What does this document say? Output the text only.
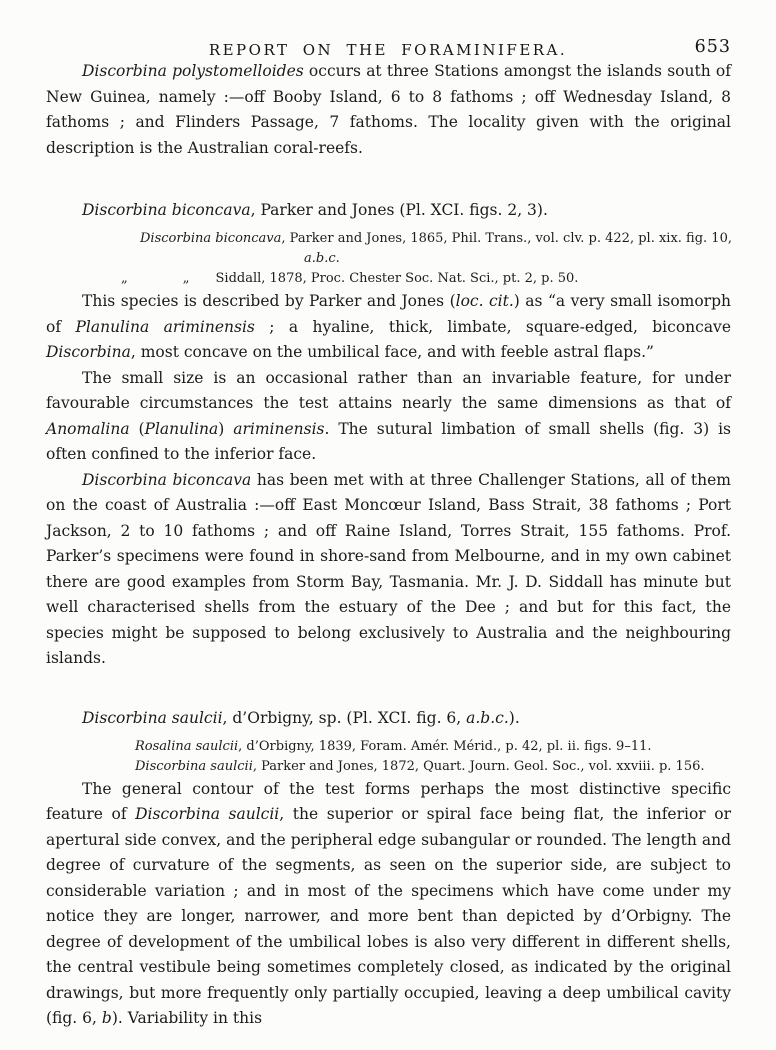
REPORT ON THE FORAMINIFERA.	653

Discorbina polystomelloides occurs at three Stations amongst the islands south of New Guinea, namely :—off Booby Island, 6 to 8 fathoms ; off Wednesday Island, 8 fathoms ; and Flinders Passage, 7 fathoms. The locality given with the original description is the Australian coral-reefs.

Discorbina biconcava, Parker and Jones (Pl. XCI. figs. 2, 3).
Discorbina biconcava, Parker and Jones, 1865, Phil. Trans., vol. clv. p. 422, pl. xix. fig. 10,
a.b.c.
„	„ Siddall, 1878, Proc. Chester Soc. Nat. Sci., pt. 2, p. 50.

This species is described by Parker and Jones (loc. cit.) as “a very small isomorph of Planulina ariminensis ; a hyaline, thick, limbate, square-edged, biconcave Discorbina, most concave on the umbilical face, and with feeble astral flaps.”

The small size is an occasional rather than an invariable feature, for under favourable circumstances the test attains nearly the same dimensions as that of Anomalina (Planulina) ariminensis. The sutural limbation of small shells (fig. 3) is often confined to the inferior face.

Discorbina biconcava has been met with at three Challenger Stations, all of them on the coast of Australia :—off East Moncœur Island, Bass Strait, 38 fathoms ; Port Jackson, 2 to 10 fathoms ; and off Raine Island, Torres Strait, 155 fathoms. Prof. Parker’s specimens were found in shore-sand from Melbourne, and in my own cabinet there are good examples from Storm Bay, Tasmania. Mr. J. D. Siddall has minute but well characterised shells from the estuary of the Dee ; and but for this fact, the species might be supposed to belong exclusively to Australia and the neighbouring islands.

Discorbina saulcii, d’Orbigny, sp. (Pl. XCI. fig. 6, a.b.c.).
Rosalina saulcii, d’Orbigny, 1839, Foram. Amér. Mérid., p. 42, pl. ii. figs. 9–11.
Discorbina saulcii, Parker and Jones, 1872, Quart. Journ. Geol. Soc., vol. xxviii. p. 156.

The general contour of the test forms perhaps the most distinctive specific feature of Discorbina saulcii, the superior or spiral face being flat, the inferior or apertural side convex, and the peripheral edge subangular or rounded. The length and degree of curvature of the segments, as seen on the superior side, are subject to considerable variation ; and in most of the specimens which have come under my notice they are longer, narrower, and more bent than depicted by d’Orbigny. The degree of development of the umbilical lobes is also very different in different shells, the central vestibule being sometimes completely closed, as indicated by the original drawings, but more frequently only partially occupied, leaving a deep umbilical cavity (fig. 6, b). Variability in this
